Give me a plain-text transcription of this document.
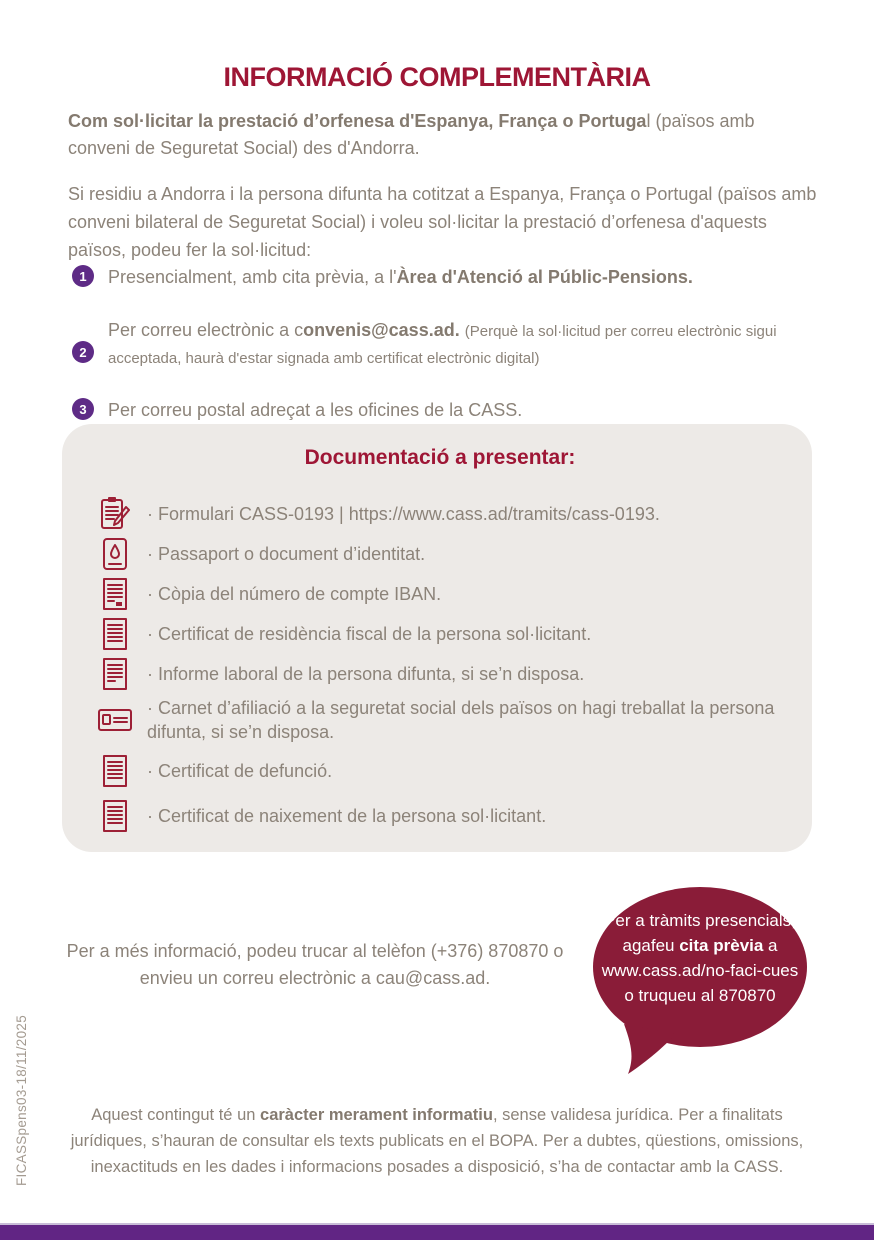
INFORMACIÓ COMPLEMENTÀRIA

Com sol·licitar la prestació d’orfenesa d'Espanya, França o Portugal (països amb conveni de Seguretat Social) des d'Andorra.

Si residiu a Andorra i la persona difunta ha cotitzat a Espanya, França o Portugal (països amb conveni bilateral de Seguretat Social) i voleu sol·licitar la prestació d’orfenesa d'aquests països, podeu fer la sol·licitud:

1	Presencialment, amb cita prèvia, a l'Àrea d'Atenció al Públic-Pensions.
2
Per correu electrònic a convenis@cass.ad. (Perquè la sol·licitud per correu electrònic sigui acceptada, haurà d'estar signada amb certificat electrònic digital)
3	Per correu postal adreçat a les oficines de la CASS.
Documentació a presentar:
· Formulari CASS-0193 | https://www.cass.ad/tramits/cass-0193.
· Passaport o document d’identitat.
· Còpia del número de compte IBAN.
· Certificat de residència fiscal de la persona sol·licitant.
· Informe laboral de la persona difunta, si se’n disposa.
· Carnet d’afiliació a la seguretat social dels països on hagi treballat la persona difunta, si se’n disposa.
· Certificat de defunció.
· Certificat de naixement de la persona sol·licitant.
Per a més informació, podeu trucar al telèfon (+376) 870870 o
envieu un correu electrònic a cau@cass.ad.
Per a tràmits presencials,
agafeu cita prèvia a
www.cass.ad/no-faci-cues
o truqueu al 870870

Aquest contingut té un caràcter merament informatiu, sense validesa jurídica. Per a finalitats jurídiques, s’hauran de consultar els texts publicats en el BOPA. Per a dubtes, qüestions, omissions, inexactituds en les dades i informacions posades a disposició, s’ha de contactar amb la CASS.

FICASSpens03-18/11/2025
